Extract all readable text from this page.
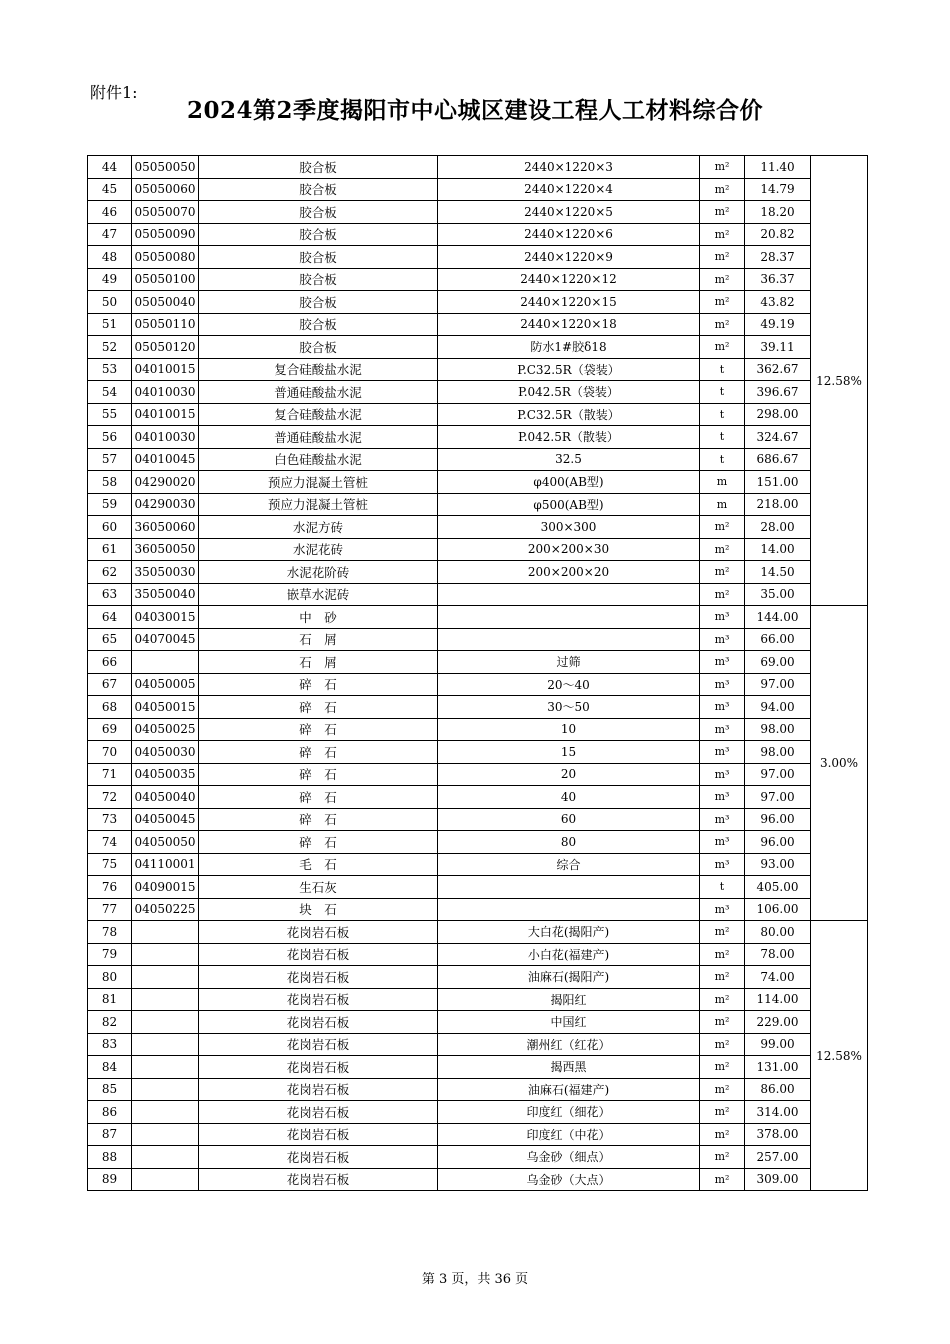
附件1:
2024第2季度揭阳市中心城区建设工程人工材料综合价
44	05050050	胶合板	2440×1220×3	m²	11.40	12.58%
45	05050060	胶合板	2440×1220×4	m²	14.79	
46	05050070	胶合板	2440×1220×5	m²	18.20	
47	05050090	胶合板	2440×1220×6	m²	20.82	
48	05050080	胶合板	2440×1220×9	m²	28.37	
49	05050100	胶合板	2440×1220×12	m²	36.37	
50	05050040	胶合板	2440×1220×15	m²	43.82	
51	05050110	胶合板	2440×1220×18	m²	49.19	
52	05050120	胶合板	防水1#胶δ18	m²	39.11	
53	04010015	复合硅酸盐水泥	P.C32.5R（袋装）	t	362.67	
54	04010030	普通硅酸盐水泥	P.042.5R（袋装）	t	396.67	
55	04010015	复合硅酸盐水泥	P.C32.5R（散装）	t	298.00	
56	04010030	普通硅酸盐水泥	P.042.5R（散装）	t	324.67	
57	04010045	白色硅酸盐水泥	32.5	t	686.67	
58	04290020	预应力混凝土管桩	φ400(AB型)	m	151.00	
59	04290030	预应力混凝土管桩	φ500(AB型)	m	218.00	
60	36050060	水泥方砖	300×300	m²	28.00	
61	36050050	水泥花砖	200×200×30	m²	14.00	
62	35050030	水泥花阶砖	200×200×20	m²	14.50	
63	35050040	嵌草水泥砖		m²	35.00	
64	04030015	中　砂		m³	144.00	3.00%
65	04070045	石　屑		m³	66.00	
66		石　屑	过筛	m³	69.00	
67	04050005	碎　石	20～40	m³	97.00	
68	04050015	碎　石	30～50	m³	94.00	
69	04050025	碎　石	10	m³	98.00	
70	04050030	碎　石	15	m³	98.00	
71	04050035	碎　石	20	m³	97.00	
72	04050040	碎　石	40	m³	97.00	
73	04050045	碎　石	60	m³	96.00	
74	04050050	碎　石	80	m³	96.00	
75	04110001	毛　石	综合	m³	93.00	
76	04090015	生石灰		t	405.00	
77	04050225	块　石		m³	106.00	
78		花岗岩石板	大白花(揭阳产)	m²	80.00	12.58%
79		花岗岩石板	小白花(福建产)	m²	78.00	
80		花岗岩石板	油麻石(揭阳产)	m²	74.00	
81		花岗岩石板	揭阳红	m²	114.00	
82		花岗岩石板	中国红	m²	229.00	
83		花岗岩石板	潮州红（红花）	m²	99.00	
84		花岗岩石板	揭西黑	m²	131.00	
85		花岗岩石板	油麻石(福建产)	m²	86.00	
86		花岗岩石板	印度红（细花）	m²	314.00	
87		花岗岩石板	印度红（中花）	m²	378.00	
88		花岗岩石板	乌金砂（细点）	m²	257.00	
89		花岗岩石板	乌金砂（大点）	m²	309.00	
第 3 页，共 36 页
